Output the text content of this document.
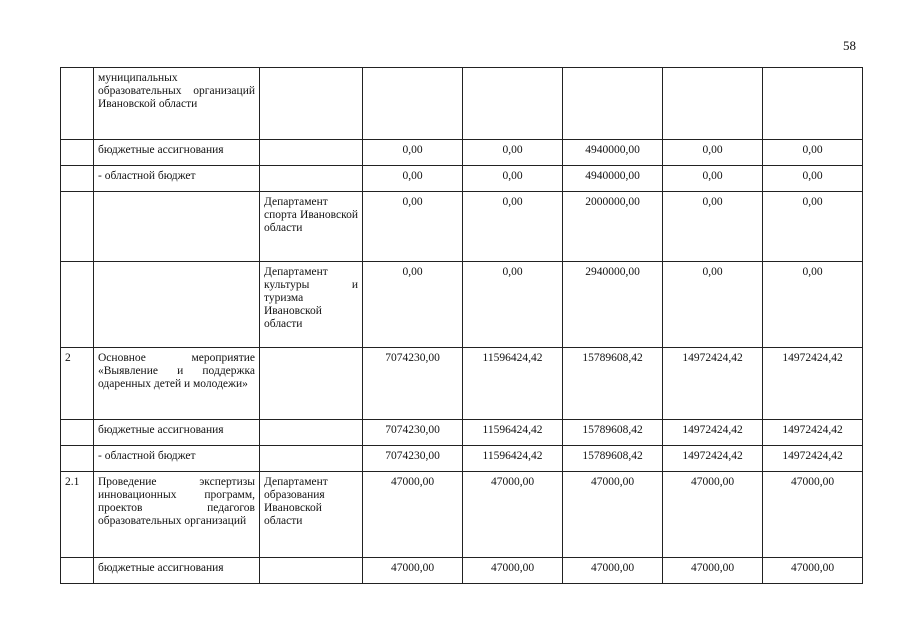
58
	муниципальных образовательных организаций Ивановской области						
	бюджетные ассигнования		0,00	0,00	4940000,00	0,00	0,00
	- областной бюджет		0,00	0,00	4940000,00	0,00	0,00
		Департамент спорта Ивановской области	0,00	0,00	2000000,00	0,00	0,00
		Департамент культуры и туризма Ивановской области	0,00	0,00	2940000,00	0,00	0,00
2	Основное мероприятие «Выявление и поддержка одаренных детей и молодежи»		7074230,00	11596424,42	15789608,42	14972424,42	14972424,42
	бюджетные ассигнования		7074230,00	11596424,42	15789608,42	14972424,42	14972424,42
	- областной бюджет		7074230,00	11596424,42	15789608,42	14972424,42	14972424,42
2.1	Проведение экспертизы инновационных программ, проектов педагогов образовательных организаций	Департамент образования Ивановской области	47000,00	47000,00	47000,00	47000,00	47000,00
	бюджетные ассигнования		47000,00	47000,00	47000,00	47000,00	47000,00
